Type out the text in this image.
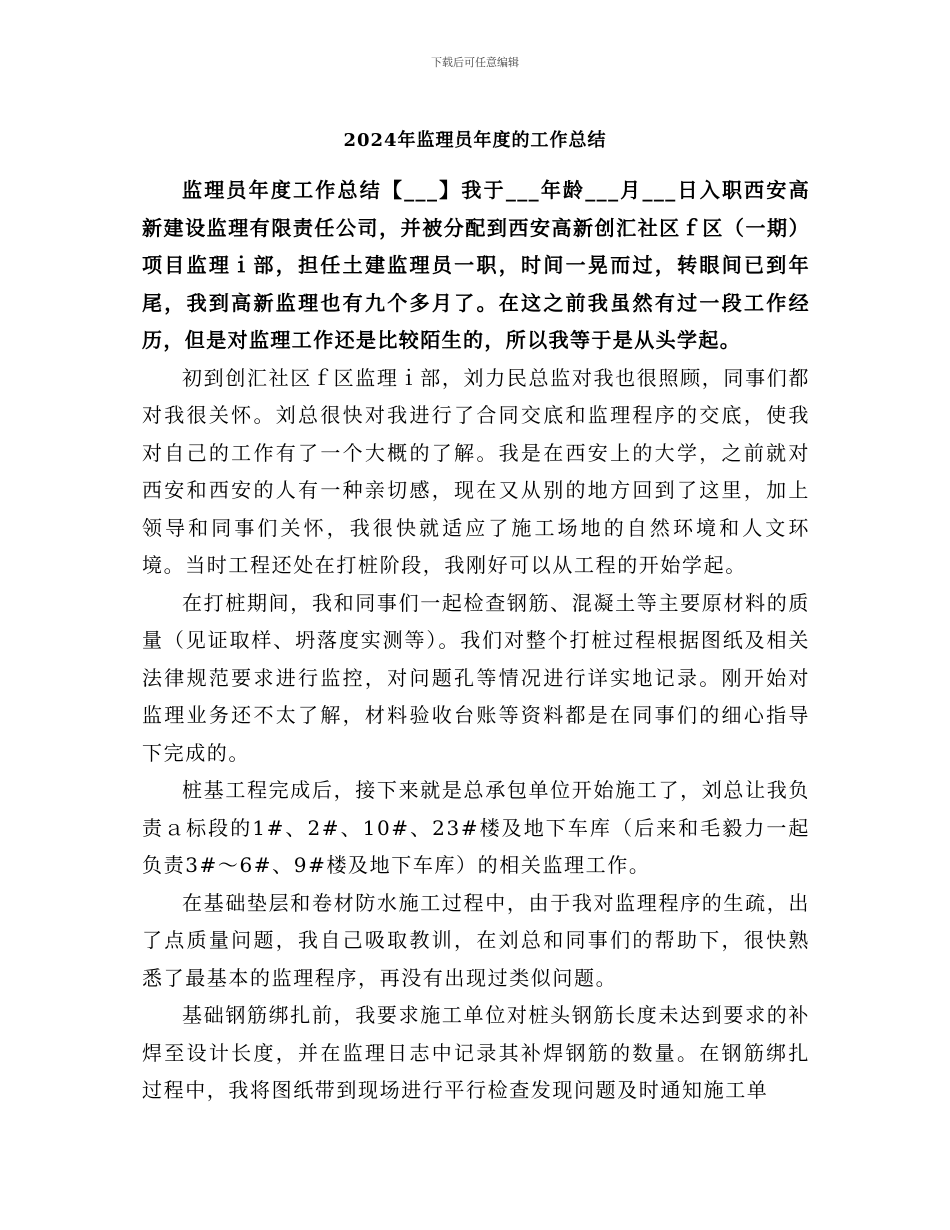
下载后可任意编辑
2024年监理员年度的工作总结

监理员年度工作总结【___】我于___年龄___月___日入职西安高新建设监理有限责任公司，并被分配到西安高新创汇社区ｆ区（一期）项目监理ｉ部，担任土建监理员一职，时间一晃而过，转眼间已到年尾，我到高新监理也有九个多月了。在这之前我虽然有过一段工作经历，但是对监理工作还是比较陌生的，所以我等于是从头学起。

初到创汇社区ｆ区监理ｉ部，刘力民总监对我也很照顾，同事们都对我很关怀。刘总很快对我进行了合同交底和监理程序的交底，使我对自己的工作有了一个大概的了解。我是在西安上的大学，之前就对西安和西安的人有一种亲切感，现在又从别的地方回到了这里，加上领导和同事们关怀，我很快就适应了施工场地的自然环境和人文环境。当时工程还处在打桩阶段，我刚好可以从工程的开始学起。

在打桩期间，我和同事们一起检查钢筋、混凝土等主要原材料的质量（见证取样、坍落度实测等）。我们对整个打桩过程根据图纸及相关法律规范要求进行监控，对问题孔等情况进行详实地记录。刚开始对监理业务还不太了解，材料验收台账等资料都是在同事们的细心指导下完成的。

桩基工程完成后，接下来就是总承包单位开始施工了，刘总让我负责ａ标段的1#、2#、10#、23#楼及地下车库（后来和毛毅力一起负责3#～6#、9#楼及地下车库）的相关监理工作。

在基础垫层和卷材防水施工过程中，由于我对监理程序的生疏，出了点质量问题，我自己吸取教训，在刘总和同事们的帮助下，很快熟悉了最基本的监理程序，再没有出现过类似问题。

基础钢筋绑扎前，我要求施工单位对桩头钢筋长度未达到要求的补焊至设计长度，并在监理日志中记录其补焊钢筋的数量。在钢筋绑扎过程中，我将图纸带到现场进行平行检查发现问题及时通知施工单
